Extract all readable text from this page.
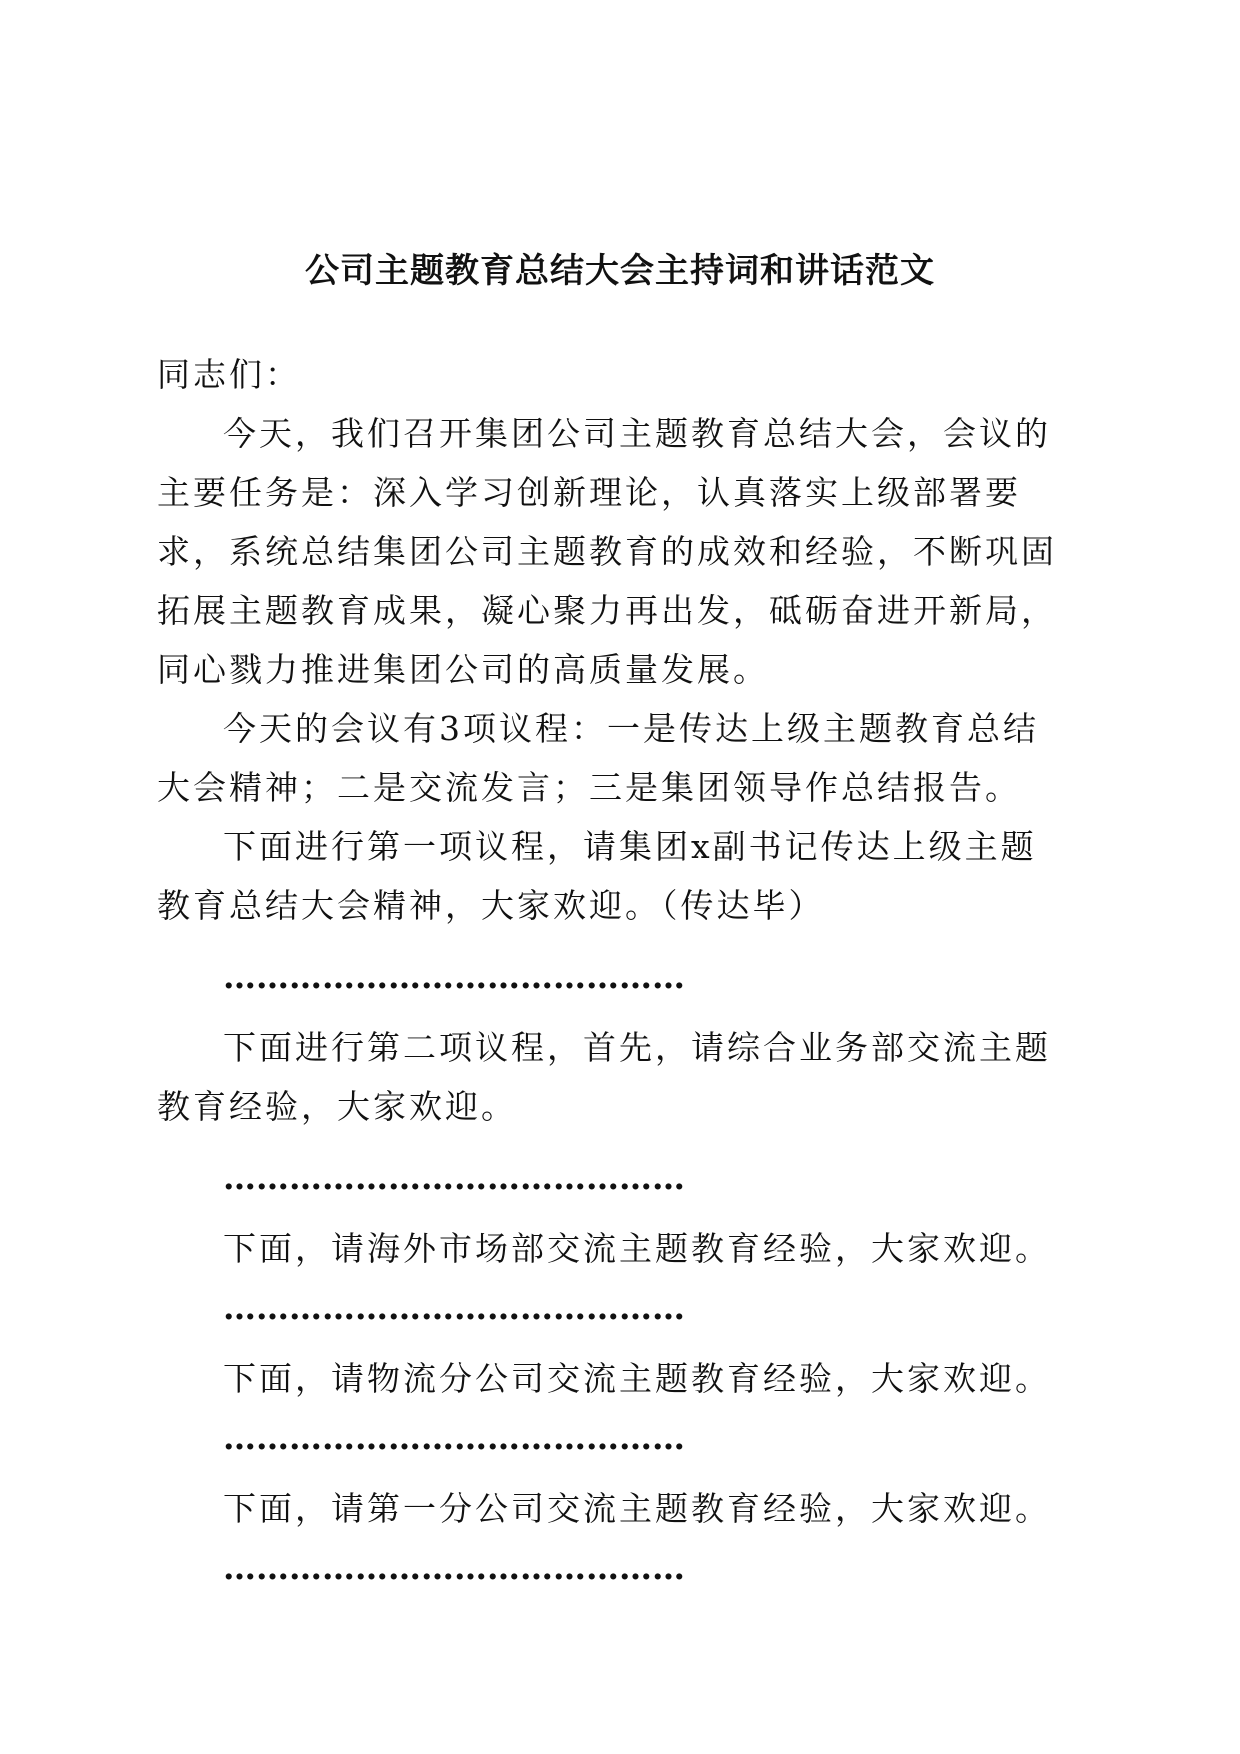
公司主题教育总结大会主持词和讲话范文

同志们：

今天，我们召开集团公司主题教育总结大会，会议的主要任务是：深入学习创新理论，认真落实上级部署要求，系统总结集团公司主题教育的成效和经验，不断巩固拓展主题教育成果，凝心聚力再出发，砥砺奋进开新局，同心戮力推进集团公司的高质量发展。

今天的会议有3项议程：一是传达上级主题教育总结大会精神；二是交流发言；三是集团领导作总结报告。

下面进行第一项议程，请集团x副书记传达上级主题教育总结大会精神，大家欢迎。（传达毕）

……………………………………

下面进行第二项议程，首先，请综合业务部交流主题教育经验，大家欢迎。

……………………………………

下面，请海外市场部交流主题教育经验，大家欢迎。

……………………………………

下面，请物流分公司交流主题教育经验，大家欢迎。

……………………………………

下面，请第一分公司交流主题教育经验，大家欢迎。

……………………………………
